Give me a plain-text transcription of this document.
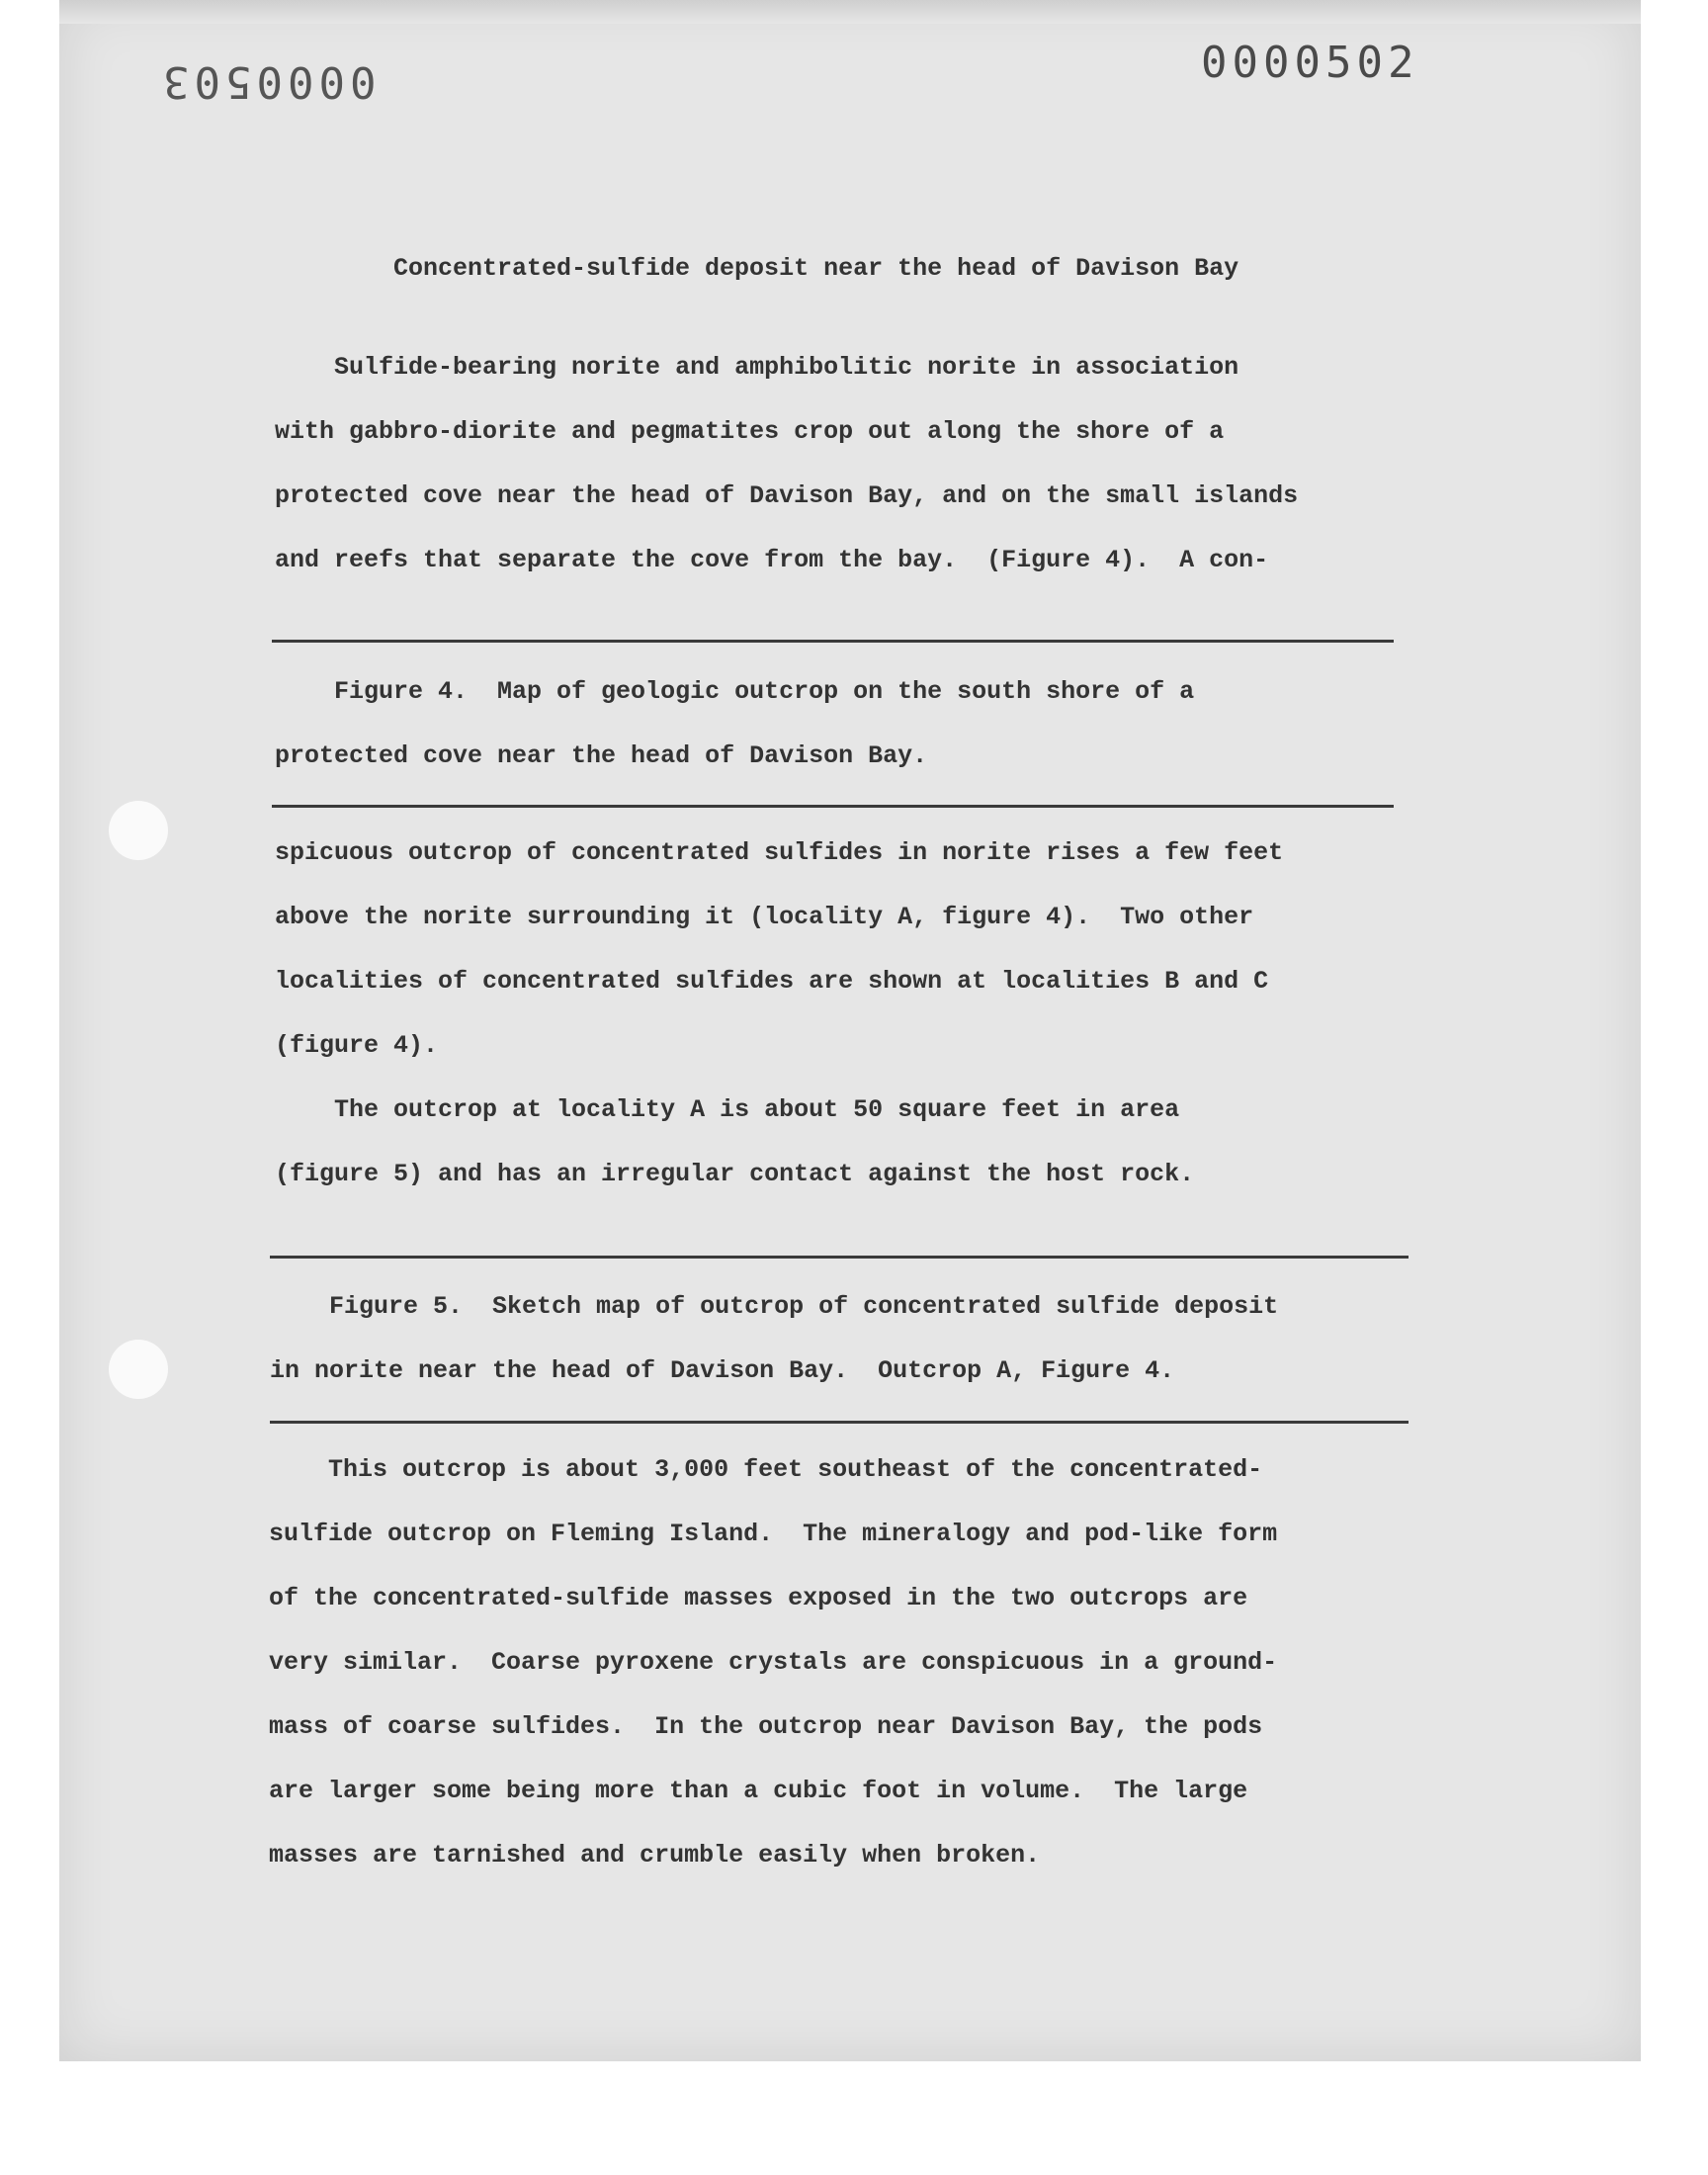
0000503	0000502
Concentrated-sulfide deposit near the head of Davison Bay
Sulfide-bearing norite and amphibolitic norite in association
with gabbro-diorite and pegmatites crop out along the shore of a
protected cove near the head of Davison Bay, and on the small islands
and reefs that separate the cove from the bay.  (Figure 4).  A con-
Figure 4.  Map of geologic outcrop on the south shore of a
protected cove near the head of Davison Bay.
spicuous outcrop of concentrated sulfides in norite rises a few feet
above the norite surrounding it (locality A, figure 4).  Two other
localities of concentrated sulfides are shown at localities B and C
(figure 4).
The outcrop at locality A is about 50 square feet in area
(figure 5) and has an irregular contact against the host rock.
Figure 5.  Sketch map of outcrop of concentrated sulfide deposit
in norite near the head of Davison Bay.  Outcrop A, Figure 4.
This outcrop is about 3,000 feet southeast of the concentrated-
sulfide outcrop on Fleming Island.  The mineralogy and pod-like form
of the concentrated-sulfide masses exposed in the two outcrops are
very similar.  Coarse pyroxene crystals are conspicuous in a ground-
mass of coarse sulfides.  In the outcrop near Davison Bay, the pods
are larger some being more than a cubic foot in volume.  The large
masses are tarnished and crumble easily when broken.
